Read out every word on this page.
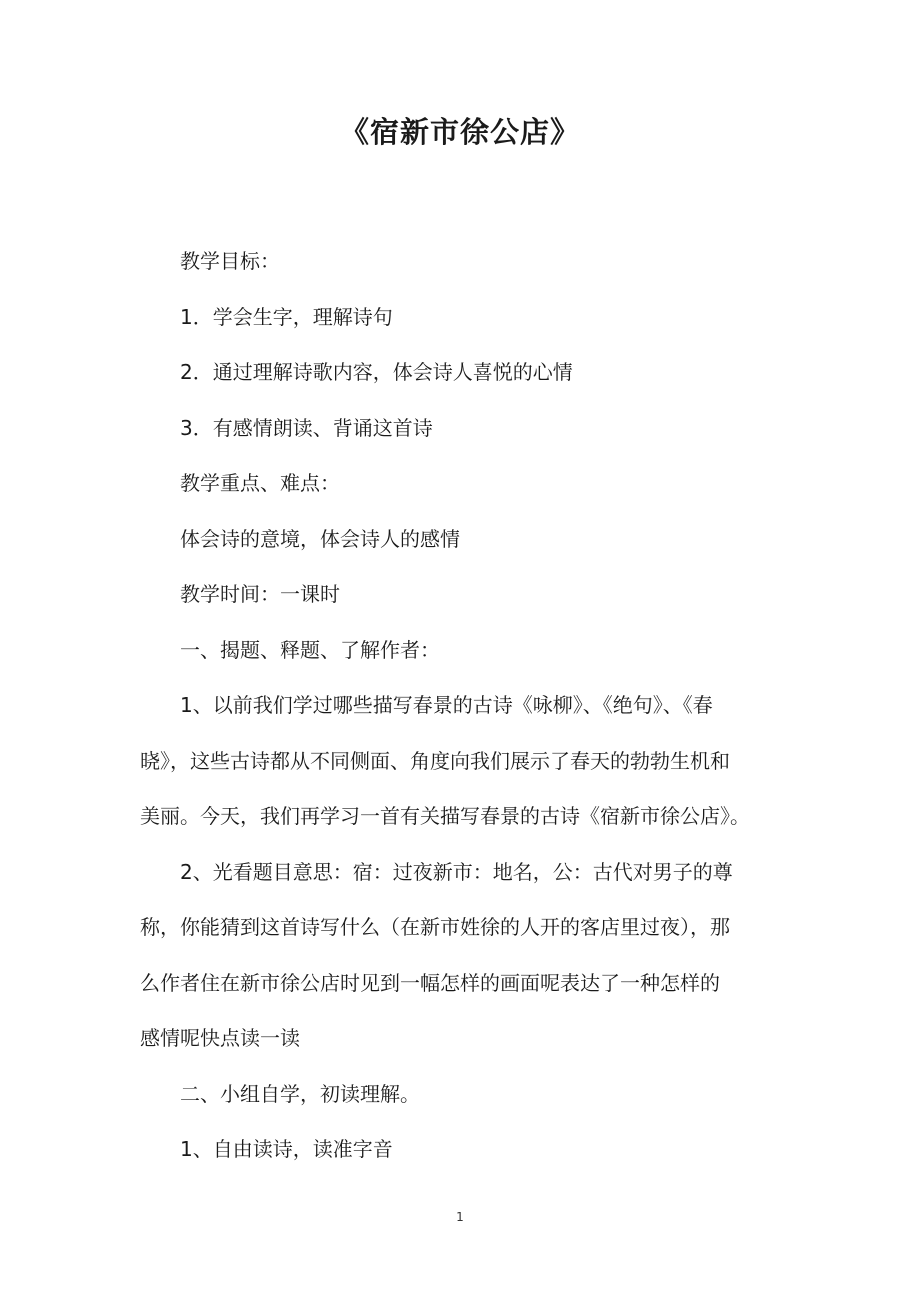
《宿新市徐公店》

教学目标：

1．学会生字，理解诗句

2．通过理解诗歌内容，体会诗人喜悦的心情

3．有感情朗读、背诵这首诗

教学重点、难点：

体会诗的意境，体会诗人的感情

教学时间：一课时

一、揭题、释题、了解作者：

1、以前我们学过哪些描写春景的古诗《咏柳》、《绝句》、《春
晓》，这些古诗都从不同侧面、角度向我们展示了春天的勃勃生机和
美丽。今天，我们再学习一首有关描写春景的古诗《宿新市徐公店》。

2、光看题目意思：宿：过夜新市：地名，公：古代对男子的尊
称，你能猜到这首诗写什么（在新市姓徐的人开的客店里过夜），那
么作者住在新市徐公店时见到一幅怎样的画面呢表达了一种怎样的
感情呢快点读一读

二、小组自学，初读理解。

1、自由读诗，读准字音

1
